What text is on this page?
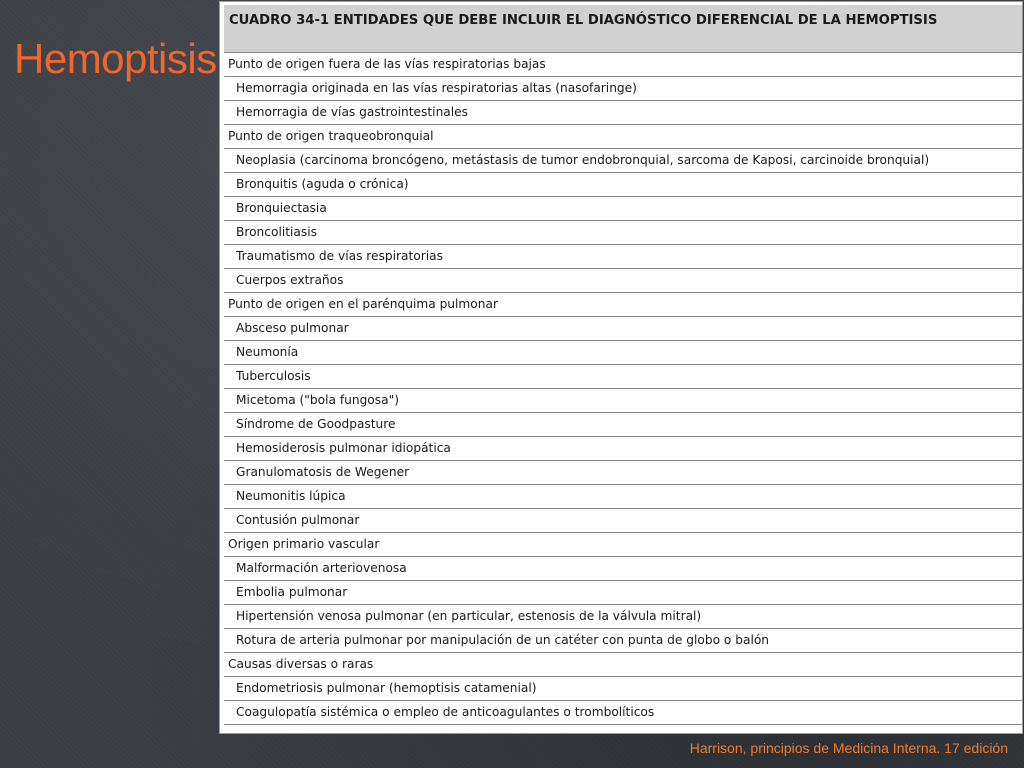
Hemoptisis
CUADRO 34-1 ENTIDADES QUE DEBE INCLUIR EL DIAGNÓSTICO DIFERENCIAL DE LA HEMOPTISIS
Punto de origen fuera de las vías respiratorias bajas
Hemorragia originada en las vías respiratorias altas (nasofaringe)
Hemorragia de vías gastrointestinales
Punto de origen traqueobronquial
Neoplasia (carcinoma broncógeno, metástasis de tumor endobronquial, sarcoma de Kaposi, carcinoide bronquial)
Bronquitis (aguda o crónica)
Bronquiectasia
Broncolitiasis
Traumatismo de vías respiratorias
Cuerpos extraños
Punto de origen en el parénquima pulmonar
Absceso pulmonar
Neumonía
Tuberculosis
Micetoma ("bola fungosa")
Síndrome de Goodpasture
Hemosiderosis pulmonar idiopática
Granulomatosis de Wegener
Neumonitis lúpica
Contusión pulmonar
Origen primario vascular
Malformación arteriovenosa
Embolia pulmonar
Hipertensión venosa pulmonar (en particular, estenosis de la válvula mitral)
Rotura de arteria pulmonar por manipulación de un catéter con punta de globo o balón
Causas diversas o raras
Endometriosis pulmonar (hemoptisis catamenial)
Coagulopatía sistémica o empleo de anticoagulantes o trombolíticos
Harrison, principios de Medicina Interna. 17 edición
